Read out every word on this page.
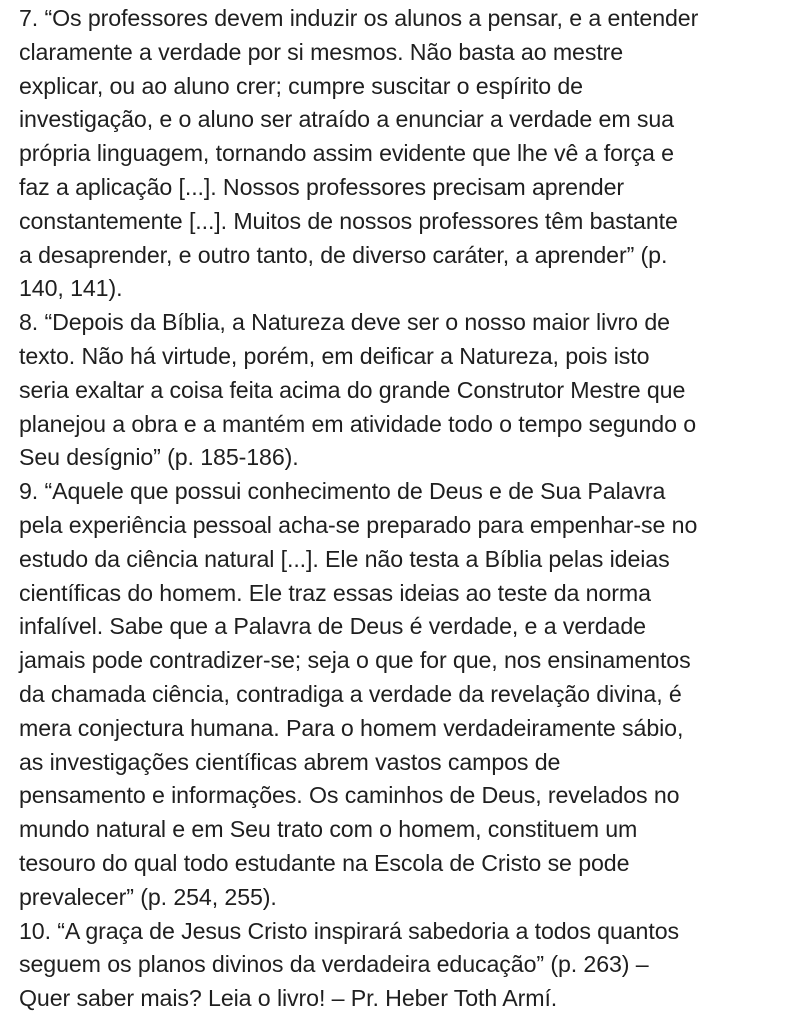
7. “Os professores devem induzir os alunos a pensar, e a entender
claramente a verdade por si mesmos. Não basta ao mestre
explicar, ou ao aluno crer; cumpre suscitar o espírito de
investigação, e o aluno ser atraído a enunciar a verdade em sua
própria linguagem, tornando assim evidente que lhe vê a força e
faz a aplicação [...]. Nossos professores precisam aprender
constantemente [...]. Muitos de nossos professores têm bastante
a desaprender, e outro tanto, de diverso caráter, a aprender” (p.
140, 141).
8. “Depois da Bíblia, a Natureza deve ser o nosso maior livro de
texto. Não há virtude, porém, em deificar a Natureza, pois isto
seria exaltar a coisa feita acima do grande Construtor Mestre que
planejou a obra e a mantém em atividade todo o tempo segundo o
Seu desígnio” (p. 185-186).
9. “Aquele que possui conhecimento de Deus e de Sua Palavra
pela experiência pessoal acha-se preparado para empenhar-se no
estudo da ciência natural [...]. Ele não testa a Bíblia pelas ideias
científicas do homem. Ele traz essas ideias ao teste da norma
infalível. Sabe que a Palavra de Deus é verdade, e a verdade
jamais pode contradizer-se; seja o que for que, nos ensinamentos
da chamada ciência, contradiga a verdade da revelação divina, é
mera conjectura humana. Para o homem verdadeiramente sábio,
as investigações científicas abrem vastos campos de
pensamento e informações. Os caminhos de Deus, revelados no
mundo natural e em Seu trato com o homem, constituem um
tesouro do qual todo estudante na Escola de Cristo se pode
prevalecer” (p. 254, 255).
10. “A graça de Jesus Cristo inspirará sabedoria a todos quantos
seguem os planos divinos da verdadeira educação” (p. 263) –
Quer saber mais? Leia o livro! – Pr. Heber Toth Armí.
